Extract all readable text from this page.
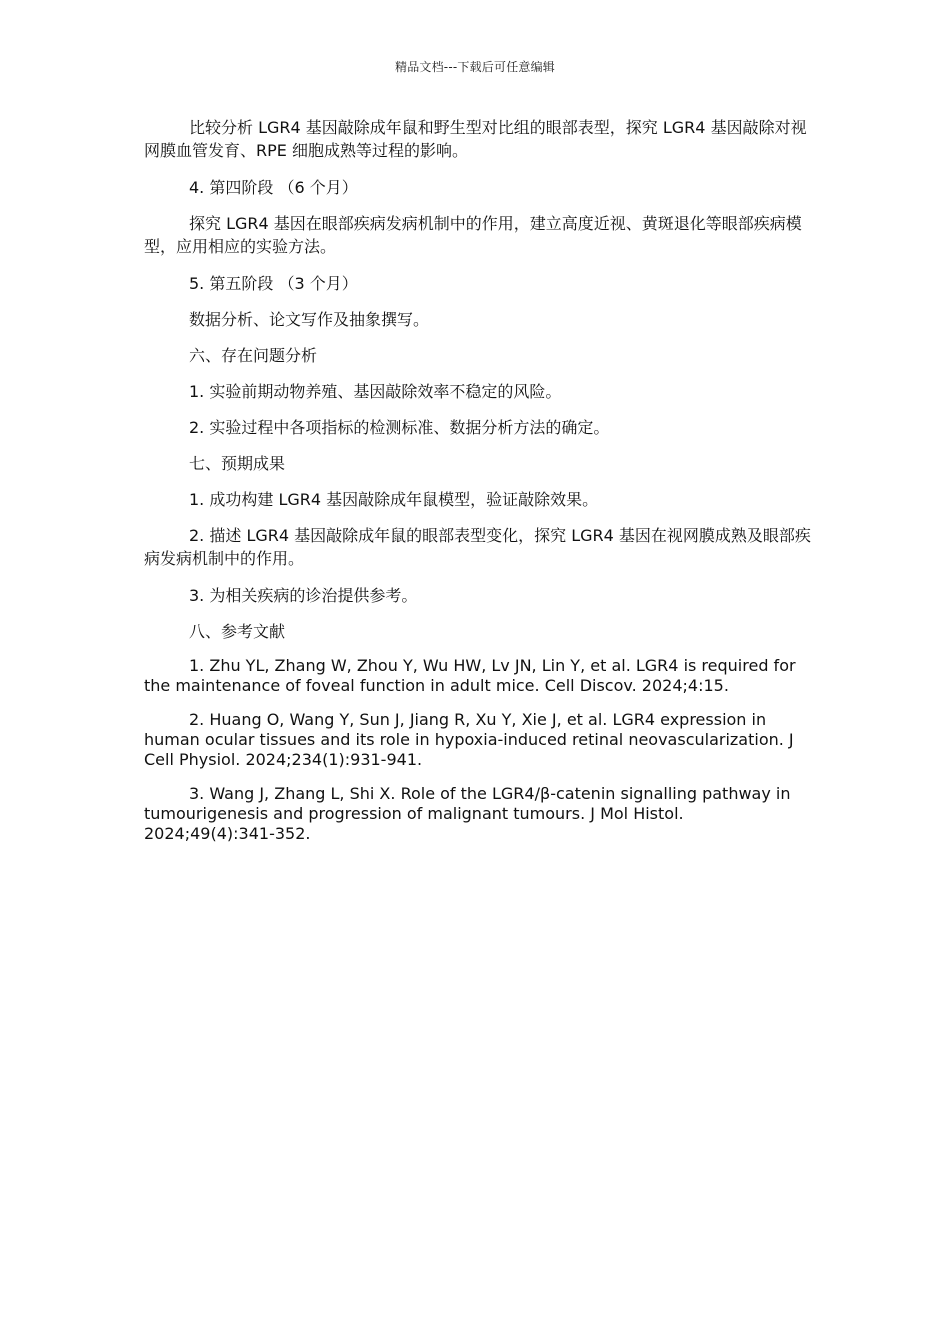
精品文档---下载后可任意编辑

比较分析 LGR4 基因敲除成年鼠和野生型对比组的眼部表型，探究 LGR4 基因敲除对视网膜血管发育、RPE 细胞成熟等过程的影响。

4. 第四阶段 （6 个月）

探究 LGR4 基因在眼部疾病发病机制中的作用，建立高度近视、黄斑退化等眼部疾病模型，应用相应的实验方法。

5. 第五阶段 （3 个月）

数据分析、论文写作及抽象撰写。

六、存在问题分析

1. 实验前期动物养殖、基因敲除效率不稳定的风险。

2. 实验过程中各项指标的检测标准、数据分析方法的确定。

七、预期成果

1. 成功构建 LGR4 基因敲除成年鼠模型，验证敲除效果。

2. 描述 LGR4 基因敲除成年鼠的眼部表型变化，探究 LGR4 基因在视网膜成熟及眼部疾病发病机制中的作用。

3. 为相关疾病的诊治提供参考。

八、参考文献

1. Zhu YL, Zhang W, Zhou Y, Wu HW, Lv JN, Lin Y, et al. LGR4 is required for the maintenance of foveal function in adult mice. Cell Discov. 2024;4:15.

2. Huang O, Wang Y, Sun J, Jiang R, Xu Y, Xie J, et al. LGR4 expression in human ocular tissues and its role in hypoxia-induced retinal neovascularization. J Cell Physiol. 2024;234(1):931-941.

3. Wang J, Zhang L, Shi X. Role of the LGR4/β-catenin signalling pathway in tumourigenesis and progression of malignant tumours. J Mol Histol. 2024;49(4):341-352.
